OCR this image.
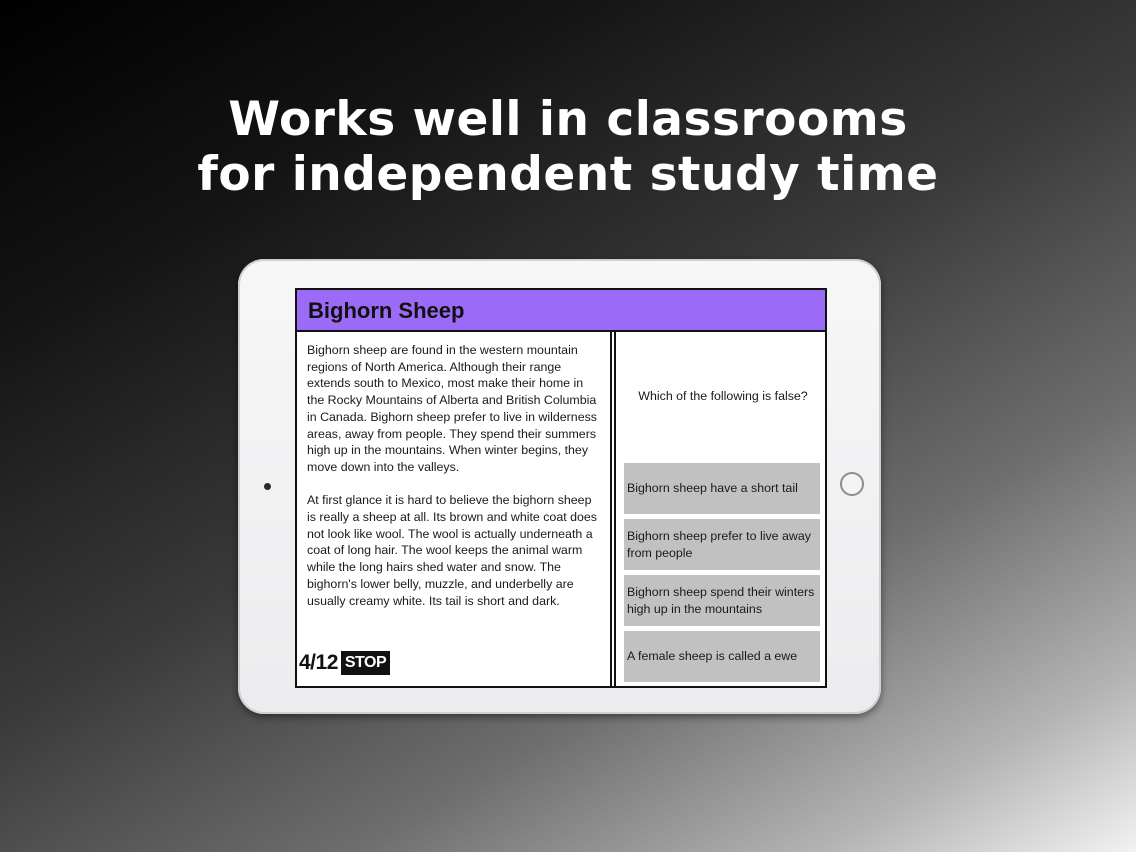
Works well in classrooms
for independent study time
Bighorn Sheep

Bighorn sheep are found in the western mountain regions of North America. Although their range extends south to Mexico, most make their home in the Rocky Mountains of Alberta and British Columbia in Canada. Bighorn sheep prefer to live in wilderness areas, away from people. They spend their summers high up in the mountains. When winter begins, they move down into the valleys.

At first glance it is hard to believe the bighorn sheep is really a sheep at all. Its brown and white coat does not look like wool. The wool is actually underneath a coat of long hair. The wool keeps the animal warm while the long hairs shed water and snow. The bighorn's lower belly, muzzle, and underbelly are usually creamy white. Its tail is short and dark.

4/12 STOP
Which of the following is false?
Bighorn sheep have a short tail
Bighorn sheep prefer to live away from people
Bighorn sheep spend their winters high up in the mountains
A female sheep is called a ewe
